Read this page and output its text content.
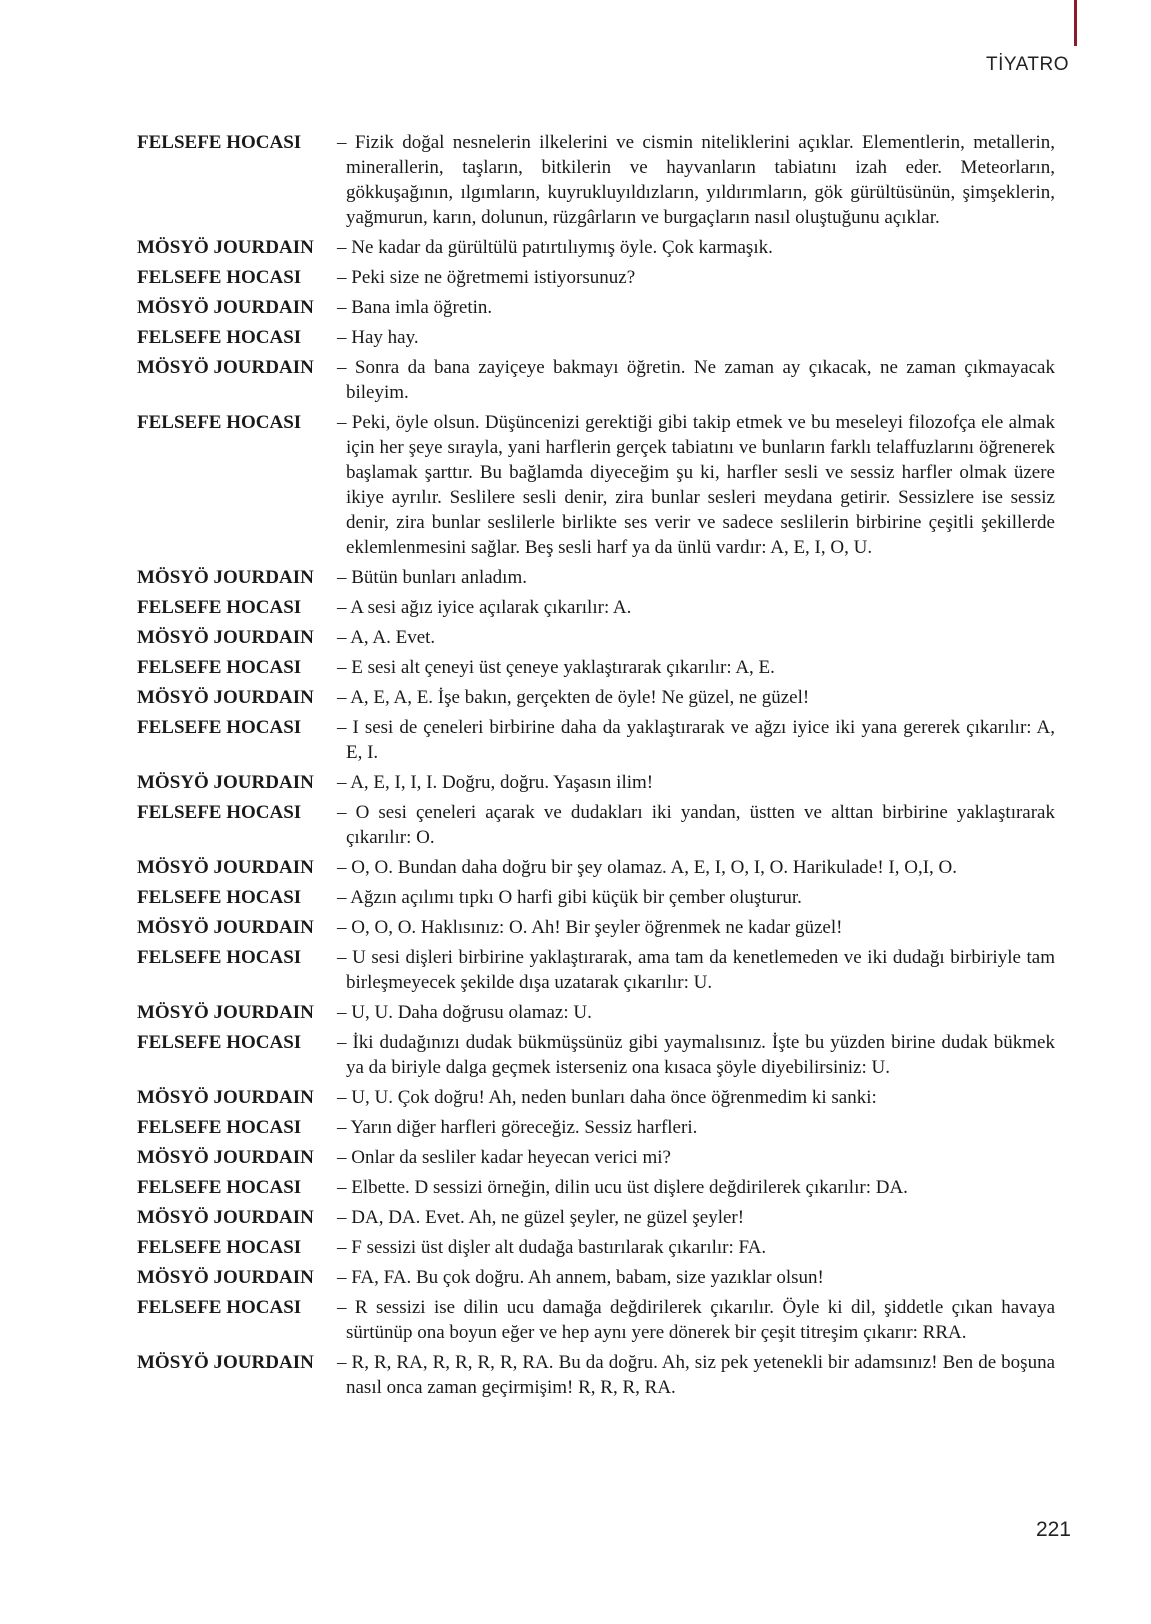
TİYATRO
FELSEFE HOCASI	– Fizik doğal nesnelerin ilkelerini ve cismin niteliklerini açıklar. Elementlerin, metallerin, minerallerin, taşların, bitkilerin ve hayvanların tabiatını izah eder. Meteorların, gökkuşağının, ılgımların, kuyrukluyıldızların, yıldırımların, gök gürültüsünün, şimşeklerin, yağmurun, karın, dolunun, rüzgârların ve burgaçların nasıl oluştuğunu açıklar.
MÖSYÖ JOURDAIN	– Ne kadar da gürültülü patırtılıymış öyle. Çok karmaşık.
FELSEFE HOCASI	– Peki size ne öğretmemi istiyorsunuz?
MÖSYÖ JOURDAIN	– Bana imla öğretin.
FELSEFE HOCASI	– Hay hay.
MÖSYÖ JOURDAIN	– Sonra da bana zayiçeye bakmayı öğretin. Ne zaman ay çıkacak, ne zaman çıkmayacak bileyim.
FELSEFE HOCASI	– Peki, öyle olsun. Düşüncenizi gerektiği gibi takip etmek ve bu meseleyi filozofça ele almak için her şeye sırayla, yani harflerin gerçek tabiatını ve bunların farklı telaffuzlarını öğrenerek başlamak şarttır. Bu bağlamda diyeceğim şu ki, harfler sesli ve sessiz harfler olmak üzere ikiye ayrılır. Seslilere sesli denir, zira bunlar sesleri meydana getirir. Sessizlere ise sessiz denir, zira bunlar seslilerle birlikte ses verir ve sadece seslilerin birbirine çeşitli şekillerde eklemlenmesini sağlar. Beş sesli harf ya da ünlü vardır: A, E, I, O, U.
MÖSYÖ JOURDAIN	– Bütün bunları anladım.
FELSEFE HOCASI	– A sesi ağız iyice açılarak çıkarılır: A.
MÖSYÖ JOURDAIN	– A, A. Evet.
FELSEFE HOCASI	– E sesi alt çeneyi üst çeneye yaklaştırarak çıkarılır: A, E.
MÖSYÖ JOURDAIN	– A, E, A, E. İşe bakın, gerçekten de öyle! Ne güzel, ne güzel!
FELSEFE HOCASI	– I sesi de çeneleri birbirine daha da yaklaştırarak ve ağzı iyice iki yana gererek çıkarılır: A, E, I.
MÖSYÖ JOURDAIN	– A, E, I, I, I. Doğru, doğru. Yaşasın ilim!
FELSEFE HOCASI	– O sesi çeneleri açarak ve dudakları iki yandan, üstten ve alttan birbirine yaklaştırarak çıkarılır: O.
MÖSYÖ JOURDAIN	– O, O. Bundan daha doğru bir şey olamaz. A, E, I, O, I, O. Harikulade! I, O,I, O.
FELSEFE HOCASI	– Ağzın açılımı tıpkı O harfi gibi küçük bir çember oluşturur.
MÖSYÖ JOURDAIN	– O, O, O. Haklısınız: O. Ah! Bir şeyler öğrenmek ne kadar güzel!
FELSEFE HOCASI	– U sesi dişleri birbirine yaklaştırarak, ama tam da kenetlemeden ve iki dudağı birbiriyle tam birleşmeyecek şekilde dışa uzatarak çıkarılır: U.
MÖSYÖ JOURDAIN	– U, U. Daha doğrusu olamaz: U.
FELSEFE HOCASI	– İki dudağınızı dudak bükmüşsünüz gibi yaymalısınız. İşte bu yüzden birine dudak bükmek ya da biriyle dalga geçmek isterseniz ona kısaca şöyle diyebilirsiniz: U.
MÖSYÖ JOURDAIN	– U, U. Çok doğru! Ah, neden bunları daha önce öğrenmedim ki sanki:
FELSEFE HOCASI	– Yarın diğer harfleri göreceğiz. Sessiz harfleri.
MÖSYÖ JOURDAIN	– Onlar da sesliler kadar heyecan verici mi?
FELSEFE HOCASI	– Elbette. D sessizi örneğin, dilin ucu üst dişlere değdirilerek çıkarılır: DA.
MÖSYÖ JOURDAIN	– DA, DA. Evet. Ah, ne güzel şeyler, ne güzel şeyler!
FELSEFE HOCASI	– F sessizi üst dişler alt dudağa bastırılarak çıkarılır: FA.
MÖSYÖ JOURDAIN	– FA, FA. Bu çok doğru. Ah annem, babam, size yazıklar olsun!
FELSEFE HOCASI	– R sessizi ise dilin ucu damağa değdirilerek çıkarılır. Öyle ki dil, şiddetle çıkan havaya sürtünüp ona boyun eğer ve hep aynı yere dönerek bir çeşit titreşim çıkarır: RRA.
MÖSYÖ JOURDAIN	– R, R, RA, R, R, R, R, RA. Bu da doğru. Ah, siz pek yetenekli bir adamsınız! Ben de boşuna nasıl onca zaman geçirmişim! R, R, R, RA.
221
